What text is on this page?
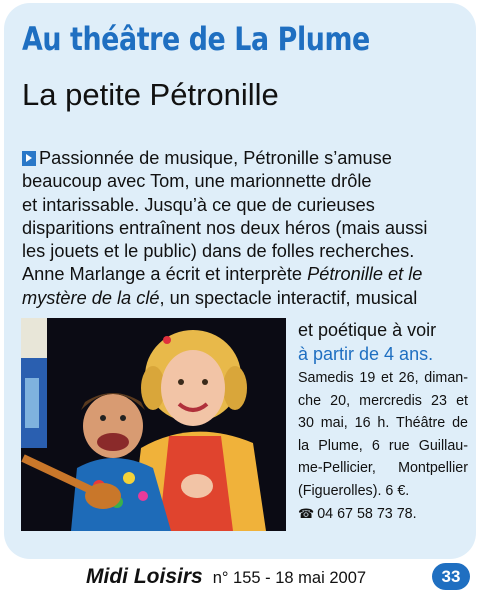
Au théâtre de La Plume
La petite Pétronille
Passionnée de musique, Pétronille s’amuse
beaucoup avec Tom, une marionnette drôle
et intarissable. Jusqu’à ce que de curieuses
disparitions entraînent nos deux héros (mais aussi
les jouets et le public) dans de folles recherches.
Anne Marlange a écrit et interprète Pétronille et le
mystère de la clé, un spectacle interactif, musical
et poétique à voir
à partir de 4 ans.
Samedis 19 et 26, diman-
che 20, mercredis 23 et
30 mai, 16 h. Théâtre de
la Plume, 6 rue Guillau-
me-Pellicier, Montpellier
(Figuerolles). 6 €.
☎ 04 67 58 73 78.
Midi Loisirs n° 155 - 18 mai 2007	33
